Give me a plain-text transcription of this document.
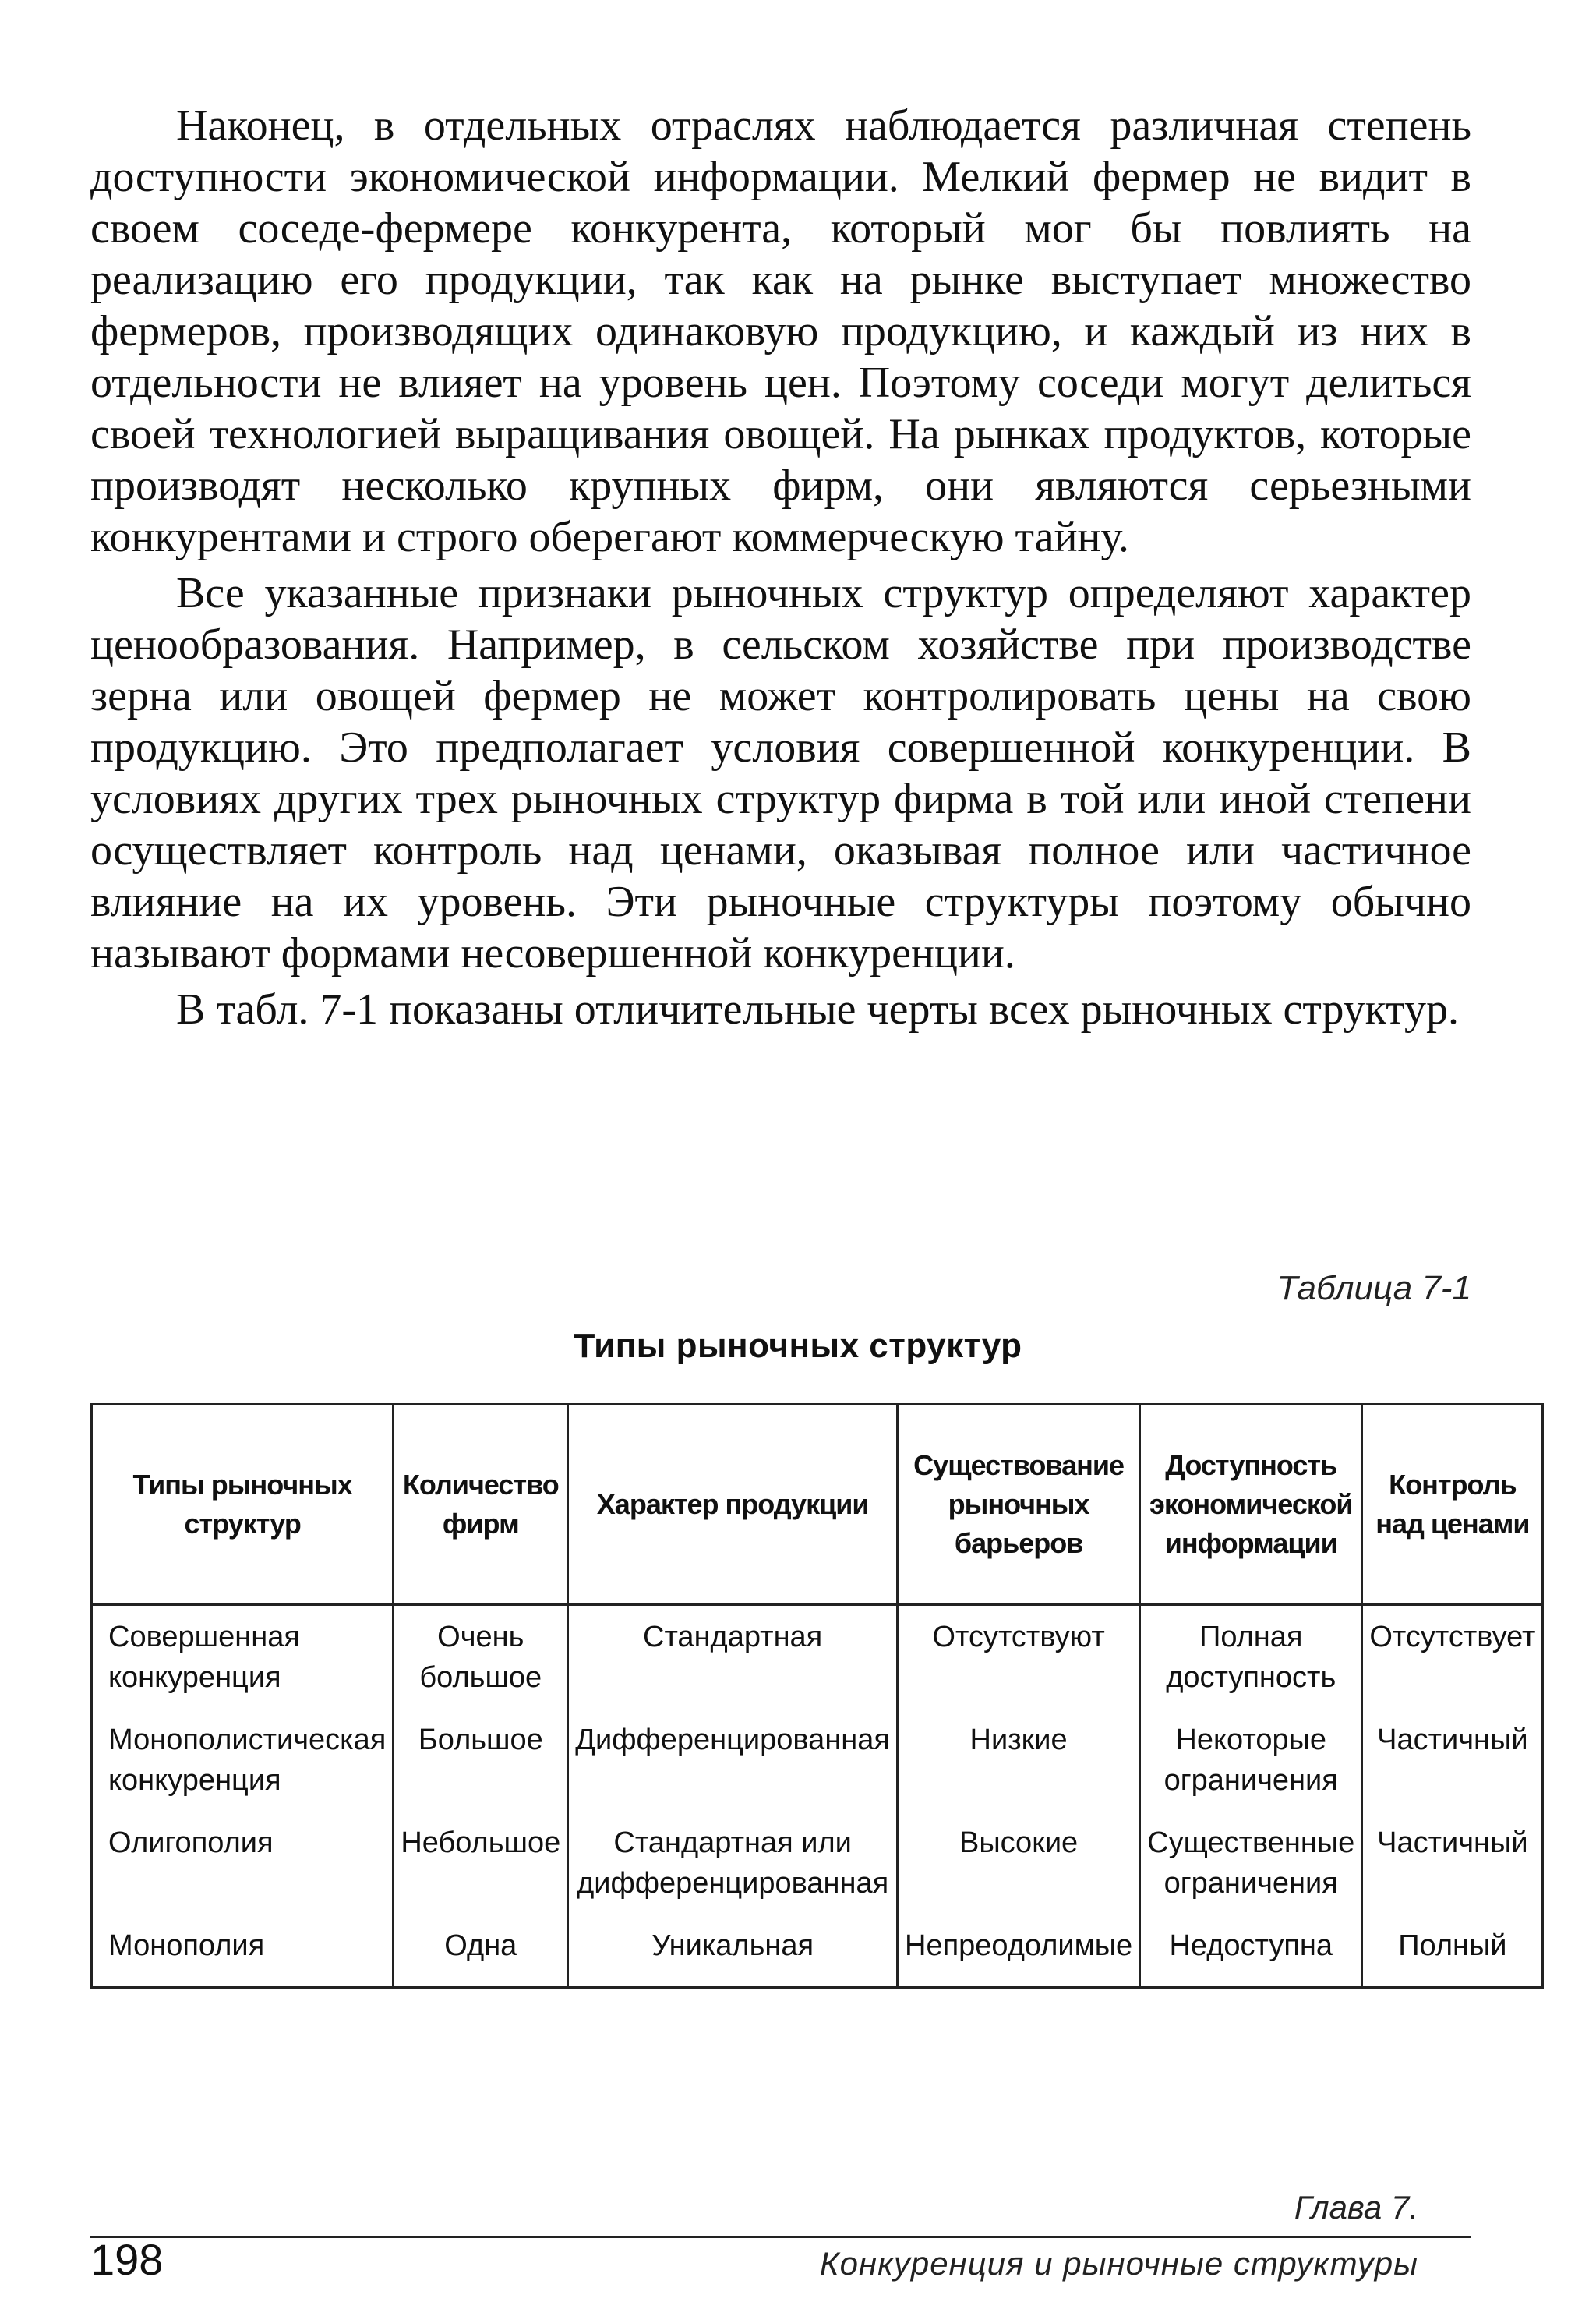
Наконец, в отдельных отраслях наблюдается различная степень доступности экономической информации. Мелкий фермер не видит в своем соседе-фермере конкурента, который мог бы повлиять на реализацию его продукции, так как на рынке выступает множество фермеров, производящих одинаковую продукцию, и каждый из них в отдельности не влияет на уровень цен. Поэтому соседи могут делиться своей технологией выращивания овощей. На рынках продуктов, которые производят несколько крупных фирм, они являются серьезными конкурентами и строго оберегают коммерческую тайну.

Все указанные признаки рыночных структур определяют характер ценообразования. Например, в сельском хозяйстве при производстве зерна или овощей фермер не может контролировать цены на свою продукцию. Это предполагает условия совершенной конкуренции. В условиях других трех рыночных структур фирма в той или иной степени осуществляет контроль над ценами, оказывая полное или частичное влияние на их уровень. Эти рыночные структуры поэтому обычно называют формами несовершенной конкуренции.

В табл. 7-1 показаны отличительные черты всех рыночных структур.

Таблица 7-1
Типы рыночных структур
Типы рыночных структур	Количество фирм	Характер продукции	Существование рыночных барьеров	Доступность экономической информации	Контроль над ценами
Совершенная конкуренция	Очень большое	Стандартная	Отсутствуют	Полная доступность	Отсутствует
Монополистическая конкуренция	Большое	Дифференцированная	Низкие	Некоторые ограничения	Частичный
Олигополия	Небольшое	Стандартная или дифференцированная	Высокие	Существенные ограничения	Частичный
Монополия	Одна	Уникальная	Непреодолимые	Недоступна	Полный
Глава 7.
198	Конкуренция и рыночные структуры
